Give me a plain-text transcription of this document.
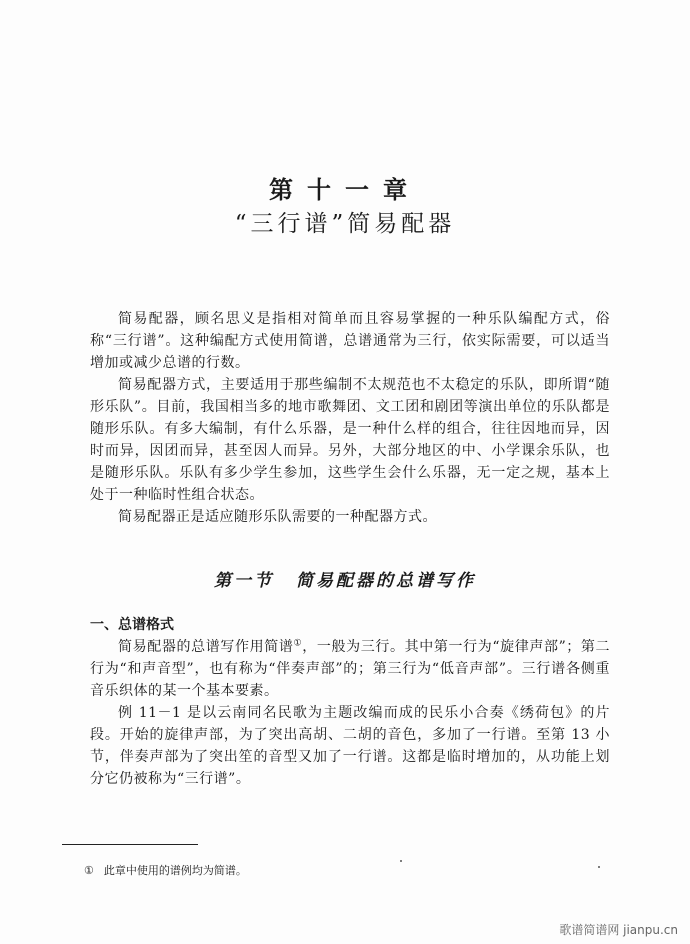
第十一章
“三行谱”简易配器

简易配器，顾名思义是指相对简单而且容易掌握的一种乐队编配方式，俗称“三行谱”。这种编配方式使用简谱，总谱通常为三行，依实际需要，可以适当增加或减少总谱的行数。

简易配器方式，主要适用于那些编制不太规范也不太稳定的乐队，即所谓“随形乐队”。目前，我国相当多的地市歌舞团、文工团和剧团等演出单位的乐队都是随形乐队。有多大编制，有什么乐器，是一种什么样的组合，往往因地而异，因时而异，因团而异，甚至因人而异。另外，大部分地区的中、小学课余乐队，也是随形乐队。乐队有多少学生参加，这些学生会什么乐器，无一定之规，基本上处于一种临时性组合状态。

简易配器正是适应随形乐队需要的一种配器方式。

第一节 简易配器的总谱写作
一、总谱格式

简易配器的总谱写作用简谱①，一般为三行。其中第一行为“旋律声部”；第二行为“和声音型”，也有称为“伴奏声部”的；第三行为“低音声部”。三行谱各侧重音乐织体的某一个基本要素。

例 11－1 是以云南同名民歌为主题改编而成的民乐小合奏《绣荷包》的片段。开始的旋律声部，为了突出高胡、二胡的音色，多加了一行谱。至第 13 小节，伴奏声部为了突出笙的音型又加了一行谱。这都是临时增加的，从功能上划分它仍被称为“三行谱”。

① 此章中使用的谱例均为简谱。
歌谱简谱网 jianpu.cn
